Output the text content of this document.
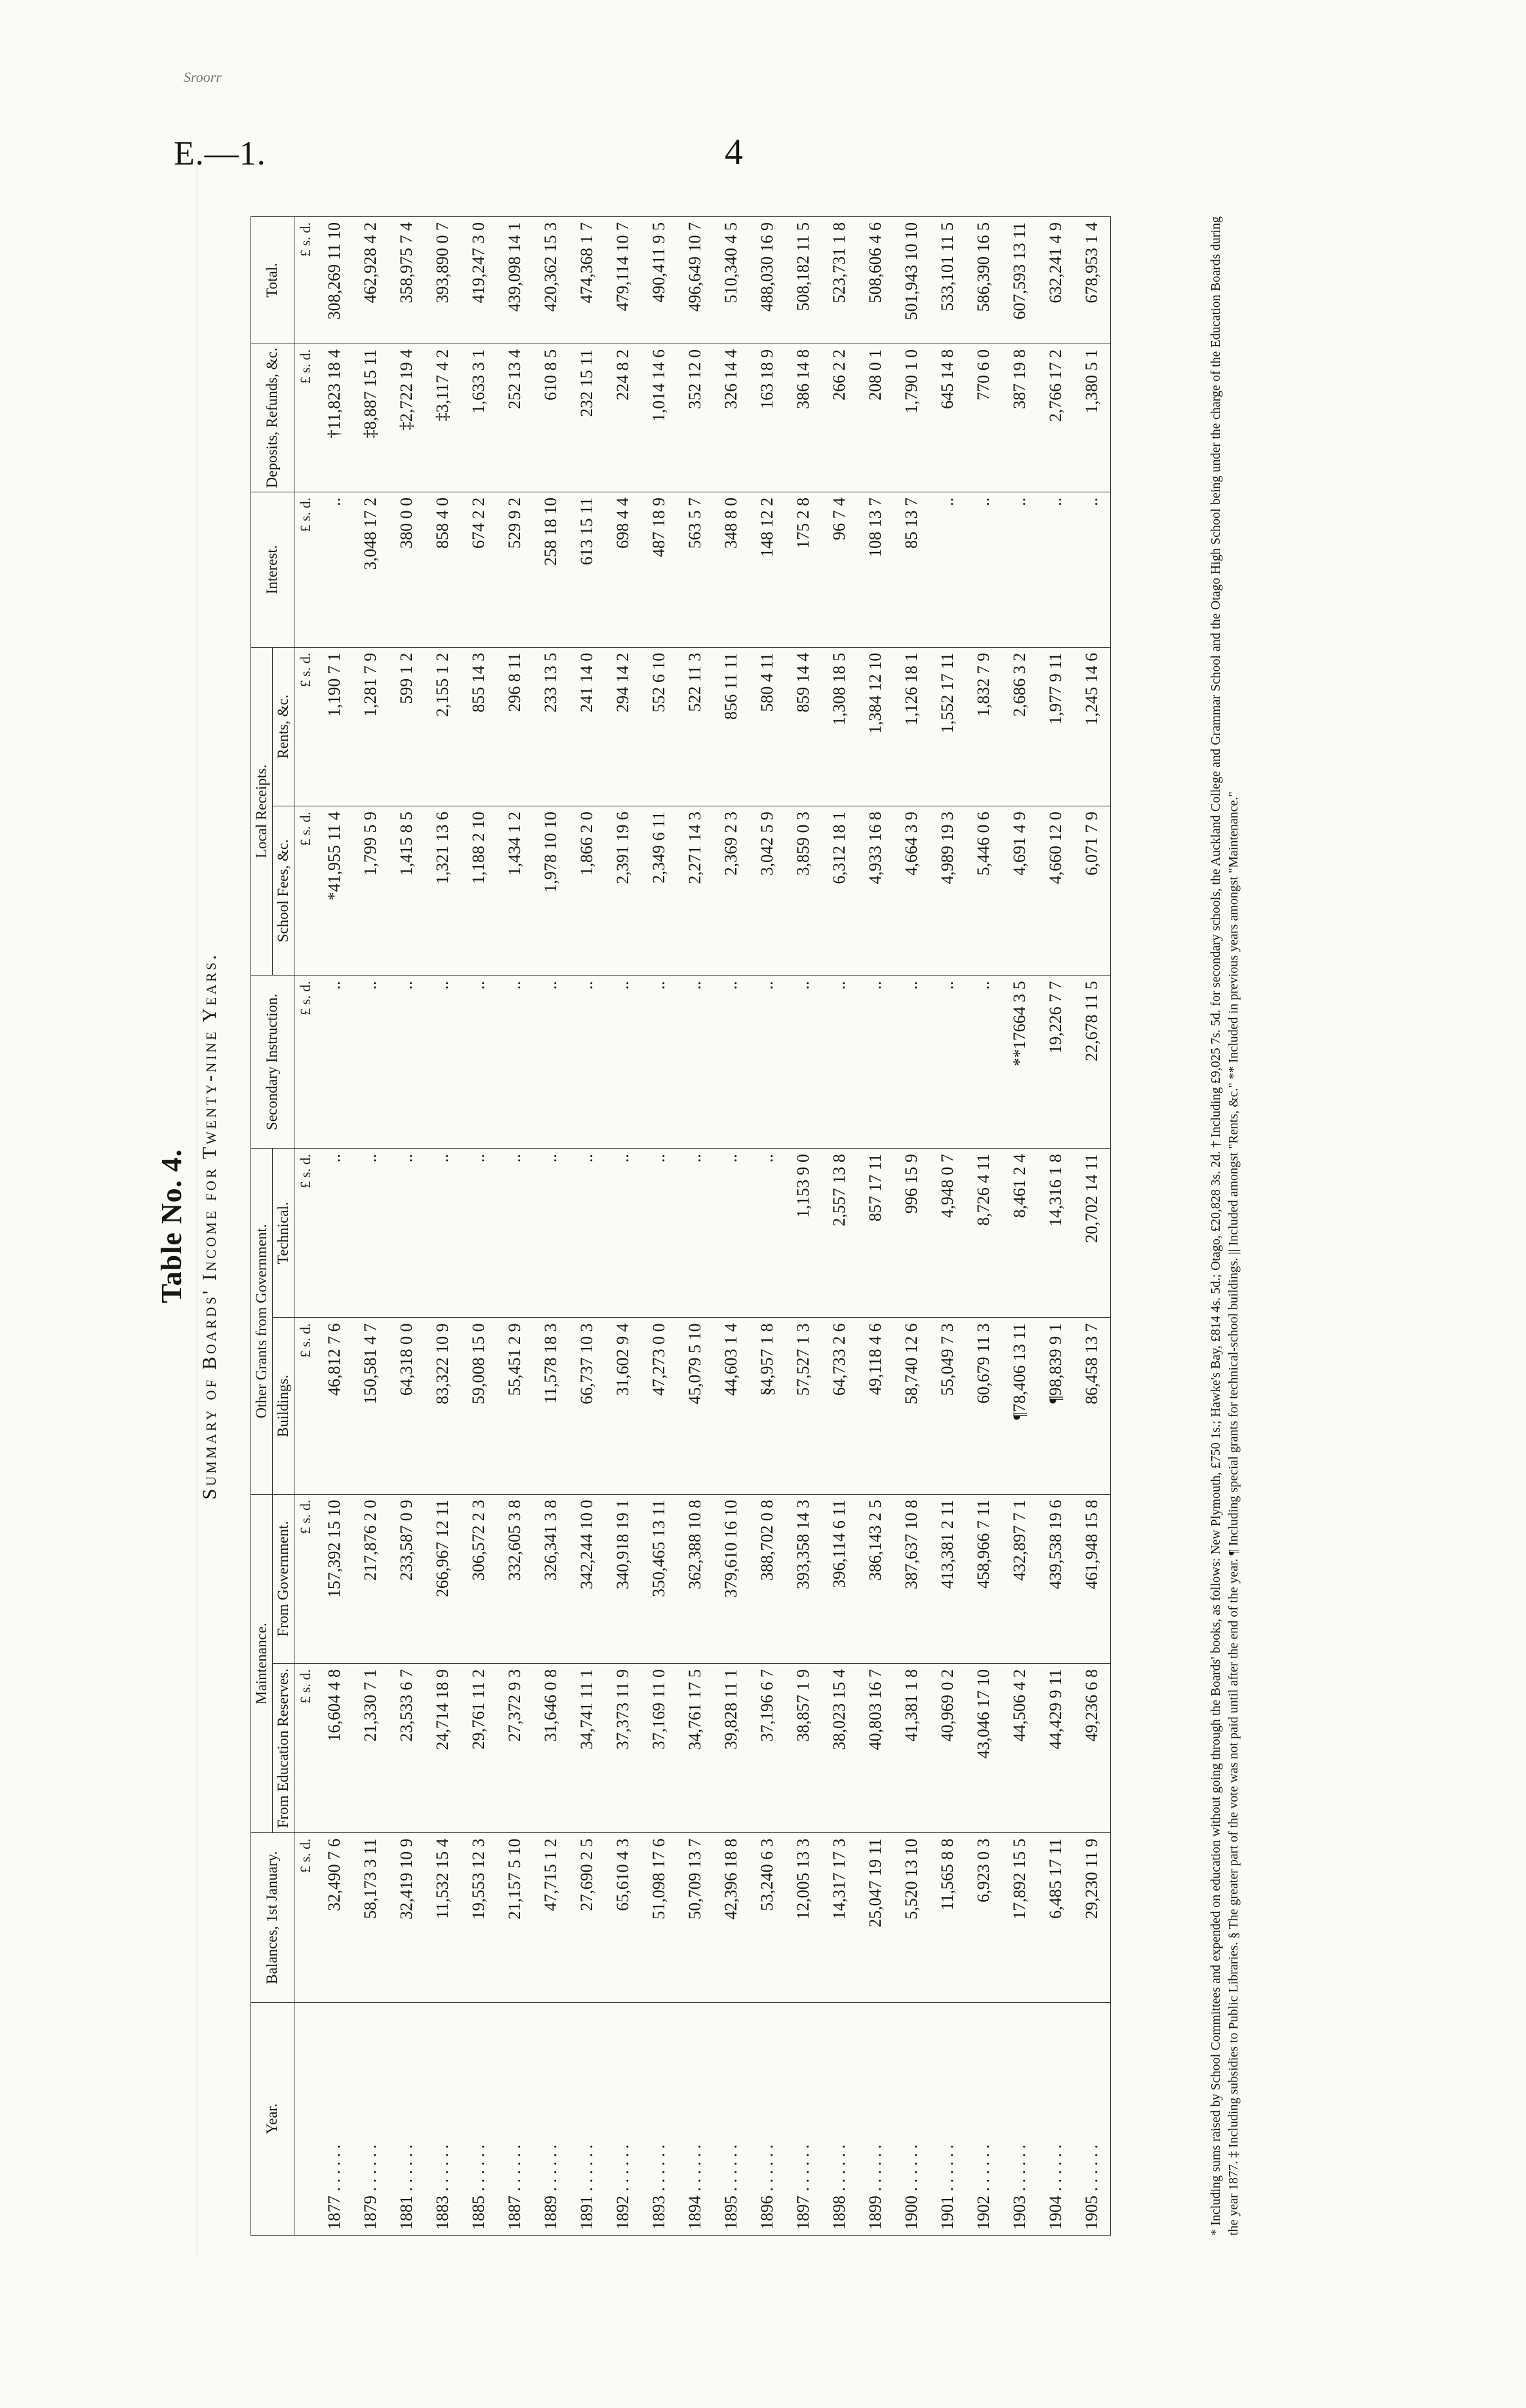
Sroorr
E.—1.	4
Table No. 4. Summary of Boards' Income for Twenty-nine Years.
Year.	Balances, 1st January.	Maintenance.		Other Grants from Government.		Secondary Instruction.	Local Receipts.		Interest.	Deposits, Refunds, &c.	Total.
		From Education Reserves.	From Government.	Buildings.	Technical.		School Fees, &c.	Rents, &c.			
	£ s. d.	£ s. d.	£ s. d.	£ s. d.	£ s. d.	£ s. d.	£ s. d.	£ s. d.	£ s. d.	£ s. d.	£ s. d.
1877 . . . . . .	32,490 7 6	16,604 4 8	157,392 15 10	46,812 7 6	..	..	*41,955 11 4	1,190 7 1	..	†11,823 18 4	308,269 11 10
1879 . . . . . .	58,173 3 11	21,330 7 1	217,876 2 0	150,581 4 7	..	..	1,799 5 9	1,281 7 9	3,048 17 2	‡8,887 15 11	462,928 4 2
1881 . . . . . .	32,419 10 9	23,533 6 7	233,587 0 9	64,318 0 0	..	..	1,415 8 5	599 1 2	380 0 0	‡2,722 19 4	358,975 7 4
1883 . . . . . .	11,532 15 4	24,714 18 9	266,967 12 11	83,322 10 9	..	..	1,321 13 6	2,155 1 2	858 4 0	‡3,117 4 2	393,890 0 7
1885 . . . . . .	19,553 12 3	29,761 11 2	306,572 2 3	59,008 15 0	..	..	1,188 2 10	855 14 3	674 2 2	1,633 3 1	419,247 3 0
1887 . . . . . .	21,157 5 10	27,372 9 3	332,605 3 8	55,451 2 9	..	..	1,434 1 2	296 8 11	529 9 2	252 13 4	439,098 14 1
1889 . . . . . .	47,715 1 2	31,646 0 8	326,341 3 8	11,578 18 3	..	..	1,978 10 10	233 13 5	258 18 10	610 8 5	420,362 15 3
1891 . . . . . .	27,690 2 5	34,741 11 1	342,244 10 0	66,737 10 3	..	..	1,866 2 0	241 14 0	613 15 11	232 15 11	474,368 1 7
1892 . . . . . .	65,610 4 3	37,373 11 9	340,918 19 1	31,602 9 4	..	..	2,391 19 6	294 14 2	698 4 4	224 8 2	479,114 10 7
1893 . . . . . .	51,098 17 6	37,169 11 0	350,465 13 11	47,273 0 0	..	..	2,349 6 11	552 6 10	487 18 9	1,014 14 6	490,411 9 5
1894 . . . . . .	50,709 13 7	34,761 17 5	362,388 10 8	45,079 5 10	..	..	2,271 14 3	522 11 3	563 5 7	352 12 0	496,649 10 7
1895 . . . . . .	42,396 18 8	39,828 11 1	379,610 16 10	44,603 1 4	..	..	2,369 2 3	856 11 11	348 8 0	326 14 4	510,340 4 5
1896 . . . . . .	53,240 6 3	37,196 6 7	388,702 0 8	§4,957 1 8	..	..	3,042 5 9	580 4 11	148 12 2	163 18 9	488,030 16 9
1897 . . . . . .	12,005 13 3	38,857 1 9	393,358 14 3	57,527 1 3	1,153 9 0	..	3,859 0 3	859 14 4	175 2 8	386 14 8	508,182 11 5
1898 . . . . . .	14,317 17 3	38,023 15 4	396,114 6 11	64,733 2 6	2,557 13 8	..	6,312 18 1	1,308 18 5	96 7 4	266 2 2	523,731 1 8
1899 . . . . . .	25,047 19 11	40,803 16 7	386,143 2 5	49,118 4 6	857 17 11	..	4,933 16 8	1,384 12 10	108 13 7	208 0 1	508,606 4 6
1900 . . . . . .	5,520 13 10	41,381 1 8	387,637 10 8	58,740 12 6	996 15 9	..	4,664 3 9	1,126 18 1	85 13 7	1,790 1 0	501,943 10 10
1901 . . . . . .	11,565 8 8	40,969 0 2	413,381 2 11	55,049 7 3	4,948 0 7	..	4,989 19 3	1,552 17 11	..	645 14 8	533,101 11 5
1902 . . . . . .	6,923 0 3	43,046 17 10	458,966 7 11	60,679 11 3	8,726 4 11	..	5,446 0 6	1,832 7 9	..	770 6 0	586,390 16 5
1903 . . . . . .	17,892 15 5	44,506 4 2	432,897 7 1	¶78,406 13 11	8,461 2 4	**17664 3 5	4,691 4 9	2,686 3 2	..	387 19 8	607,593 13 11
1904 . . . . . .	6,485 17 11	44,429 9 11	439,538 19 6	¶98,839 9 1	14,316 1 8	19,226 7 7	4,660 12 0	1,977 9 11	..	2,766 17 2	632,241 4 9
1905 . . . . . .	29,230 11 9	49,236 6 8	461,948 15 8	86,458 13 7	20,702 14 11	22,678 11 5	6,071 7 9	1,245 14 6	..	1,380 5 1	678,953 1 4	* Including sums raised by School Committees and expended on education without going through the Boards' books, as follows: New Plymouth, £750 1s.; Hawke's Bay, £814 4s. 5d.; Otago, £20,828 3s. 2d. † Including £9,025 7s. 5d. for secondary schools, the Auckland College and Grammar School and the Otago High School being under the charge of the Education Boards during the year 1877. ‡ Including subsidies to Public Libraries. § The greater part of the vote was not paid until after the end of the year. ¶ Including special grants for technical-school buildings. || Included amongst "Rents, &c." ** Included in previous years amongst "Maintenance."
